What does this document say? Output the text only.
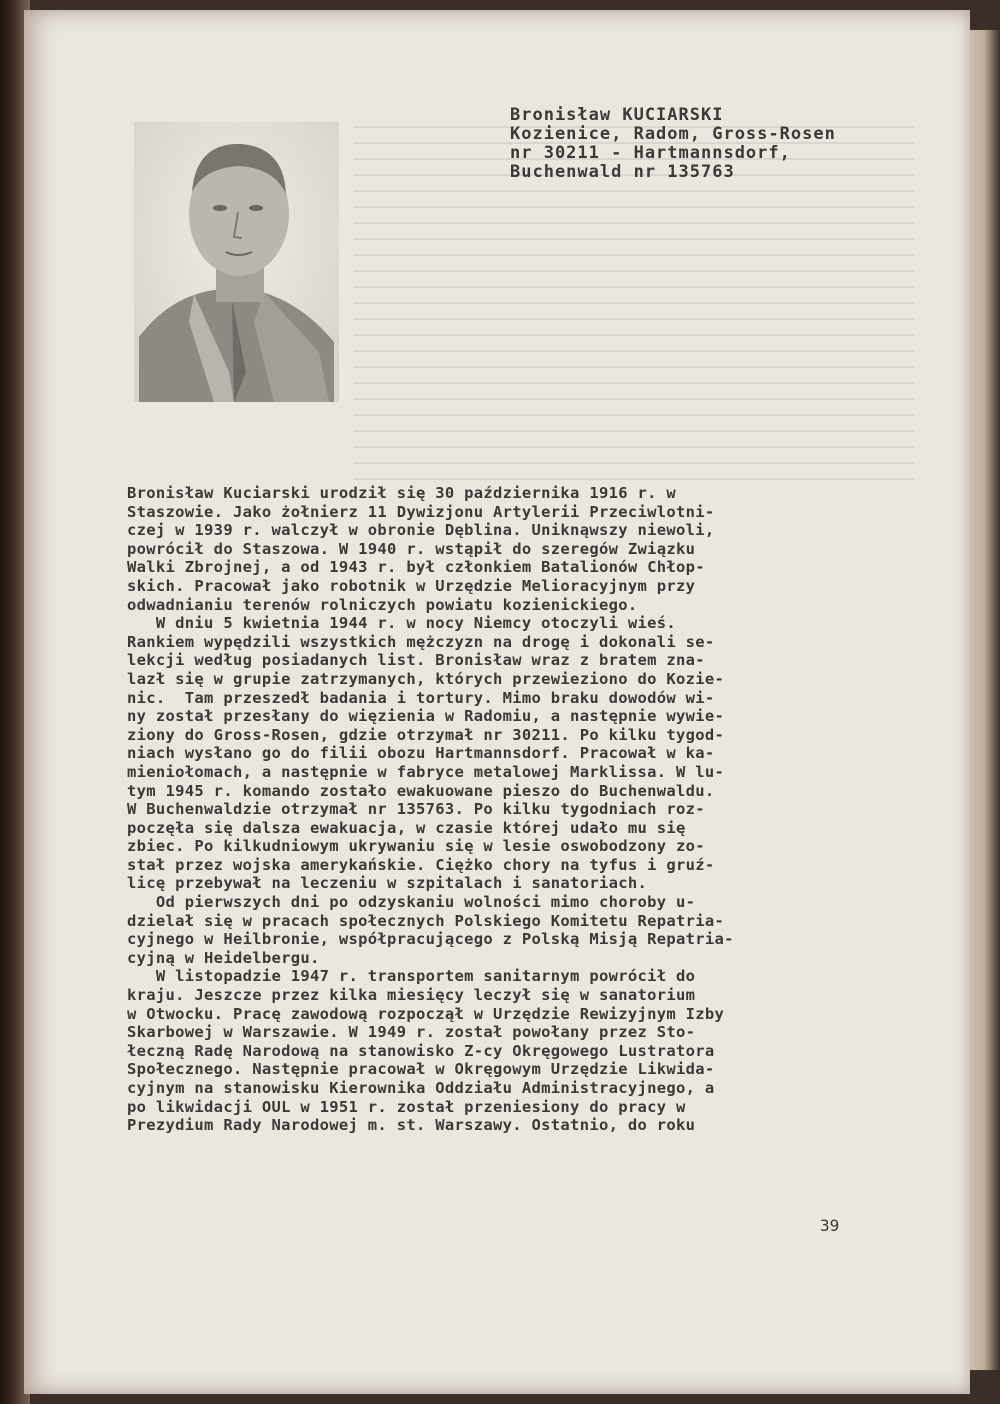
Bronisław KUCIARSKI
Kozienice, Radom, Gross-Rosen
nr 30211 - Hartmannsdorf,
Buchenwald nr 135763

Bronisław Kuciarski urodził się 30 października 1916 r. w

Staszowie. Jako żołnierz 11 Dywizjonu Artylerii Przeciwlotni-

czej w 1939 r. walczył w obronie Dęblina. Uniknąwszy niewoli,

powrócił do Staszowa. W 1940 r. wstąpił do szeregów Związku

Walki Zbrojnej, a od 1943 r. był członkiem Batalionów Chłop-

skich. Pracował jako robotnik w Urzędzie Melioracyjnym przy

odwadnianiu terenów rolniczych powiatu kozienickiego.

W dniu 5 kwietnia 1944 r. w nocy Niemcy otoczyli wieś.

Rankiem wypędzili wszystkich mężczyzn na drogę i dokonali se-

lekcji według posiadanych list. Bronisław wraz z bratem zna-

lazł się w grupie zatrzymanych, których przewieziono do Kozie-

nic.  Tam przeszedł badania i tortury. Mimo braku dowodów wi-

ny został przesłany do więzienia w Radomiu, a następnie wywie-

ziony do Gross-Rosen, gdzie otrzymał nr 30211. Po kilku tygod-

niach wysłano go do filii obozu Hartmannsdorf. Pracował w ka-

mieniołomach, a następnie w fabryce metalowej Marklissa. W lu-

tym 1945 r. komando zostało ewakuowane pieszo do Buchenwaldu.

W Buchenwaldzie otrzymał nr 135763. Po kilku tygodniach roz-

poczęła się dalsza ewakuacja, w czasie której udało mu się

zbiec. Po kilkudniowym ukrywaniu się w lesie oswobodzony zo-

stał przez wojska amerykańskie. Ciężko chory na tyfus i gruź-

licę przebywał na leczeniu w szpitalach i sanatoriach.

Od pierwszych dni po odzyskaniu wolności mimo choroby u-

dzielał się w pracach społecznych Polskiego Komitetu Repatria-

cyjnego w Heilbronie, współpracującego z Polską Misją Repatria-

cyjną w Heidelbergu.

W listopadzie 1947 r. transportem sanitarnym powrócił do

kraju. Jeszcze przez kilka miesięcy leczył się w sanatorium

w Otwocku. Pracę zawodową rozpoczął w Urzędzie Rewizyjnym Izby

Skarbowej w Warszawie. W 1949 r. został powołany przez Sto-

łeczną Radę Narodową na stanowisko Z-cy Okręgowego Lustratora

Społecznego. Następnie pracował w Okręgowym Urzędzie Likwida-

cyjnym na stanowisku Kierownika Oddziału Administracyjnego, a

po likwidacji OUL w 1951 r. został przeniesiony do pracy w

Prezydium Rady Narodowej m. st. Warszawy. Ostatnio, do roku

39
